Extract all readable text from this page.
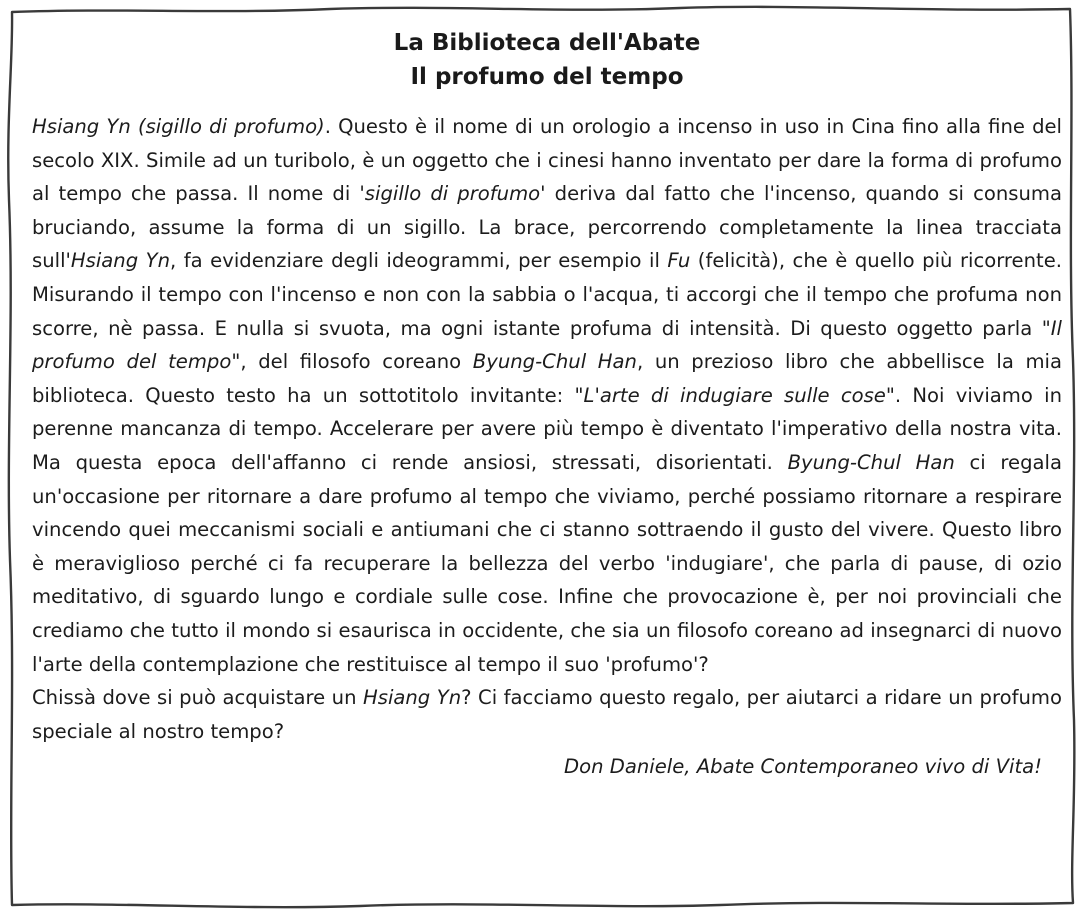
La Biblioteca dell'Abate
Il profumo del tempo

Hsiang Yn (sigillo di profumo). Questo è il nome di un orologio a incenso in uso in Cina fino alla fine del secolo XIX. Simile ad un turibolo, è un oggetto che i cinesi hanno inventato per dare la forma di profumo al tempo che passa. Il nome di 'sigillo di profumo' deriva dal fatto che l'incenso, quando si consuma bruciando, assume la forma di un sigillo. La brace, percorrendo completamente la linea tracciata sull'Hsiang Yn, fa evidenziare degli ideogrammi, per esempio il Fu (felicità), che è quello più ricorrente. Misurando il tempo con l'incenso e non con la sabbia o l'acqua, ti accorgi che il tempo che profuma non scorre, nè passa. E nulla si svuota, ma ogni istante profuma di intensità. Di questo oggetto parla "Il profumo del tempo", del filosofo coreano Byung-Chul Han, un prezioso libro che abbellisce la mia biblioteca. Questo testo ha un sottotitolo invitante: "L'arte di indugiare sulle cose". Noi viviamo in perenne mancanza di tempo. Accelerare per avere più tempo è diventato l'imperativo della nostra vita. Ma questa epoca dell'affanno ci rende ansiosi, stressati, disorientati. Byung-Chul Han ci regala un'occasione per ritornare a dare profumo al tempo che viviamo, perché possiamo ritornare a respirare vincendo quei meccanismi sociali e antiumani che ci stanno sottraendo il gusto del vivere. Questo libro è meraviglioso perché ci fa recuperare la bellezza del verbo 'indugiare', che parla di pause, di ozio meditativo, di sguardo lungo e cordiale sulle cose. Infine che provocazione è, per noi provinciali che crediamo che tutto il mondo si esaurisca in occidente, che sia un filosofo coreano ad insegnarci di nuovo l'arte della contemplazione che restituisce al tempo il suo 'profumo'?

Chissà dove si può acquistare un Hsiang Yn? Ci facciamo questo regalo, per aiutarci a ridare un profumo speciale al nostro tempo?

Don Daniele, Abate Contemporaneo vivo di Vita!
